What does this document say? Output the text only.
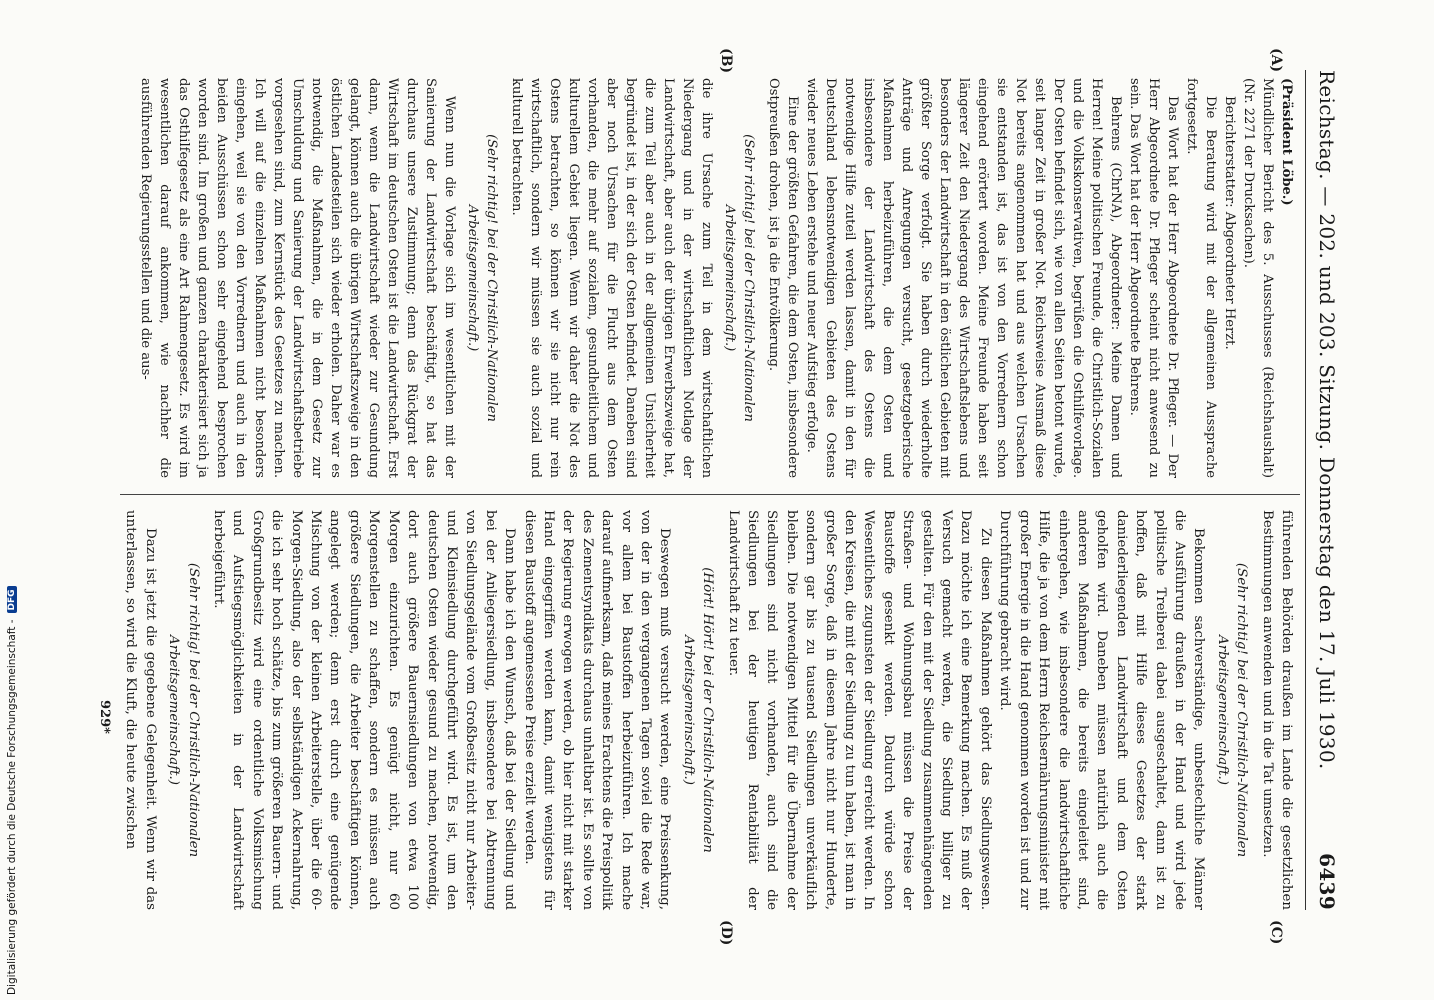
Reichstag. — 202. und 203. Sitzung. Donnerstag den 17. Juli 1930.
6439
(A)
(B)
(C)
(D)

(Präsident Löbe.)

Mündlicher Bericht des 5. Ausschusses (Reichshaushalt) (Nr. 2271 der Drucksachen).

Berichterstatter: Abgeordneter Herzt.

Die Beratung wird mit der allgemeinen Aussprache fortgesetzt.

Das Wort hat der Herr Abgeordnete Dr. Pfleger. — Der Herr Abgeordnete Dr. Pfleger scheint nicht anwesend zu sein. Das Wort hat der Herr Abgeordnete Behrens.

Behrens (ChrNA), Abgeordneter: Meine Damen und Herren! Meine politischen Freunde, die Christlich-Sozialen und die Volkskonservativen, begrüßen die Osthilfevorlage. Der Osten befindet sich, wie von allen Seiten betont wurde, seit langer Zeit in großer Not. Reichsweise Ausmaß diese Not bereits angenommen hat und aus welchen Ursachen sie entstanden ist, das ist von den Vorrednern schon eingehend erörtert worden. Meine Freunde haben seit längerer Zeit den Niedergang des Wirtschaftslebens und besonders der Landwirtschaft in den östlichen Gebieten mit größter Sorge verfolgt. Sie haben durch wiederholte Anträge und Anregungen versucht, gesetzgeberische Maßnahmen herbeizuführen, die dem Osten und insbesondere der Landwirtschaft des Ostens die notwendige Hilfe zuteil werden lassen, damit in den für Deutschland lebensnotwendigen Gebieten des Ostens wieder neues Leben erstehe und neuer Aufstieg erfolge.

Eine der größten Gefahren, die dem Osten, insbesondere Ostpreußen drohen, ist ja die Entvölkerung.

(Sehr richtig! bei der Christlich-Nationalen Arbeitsgemeinschaft.)

die ihre Ursache zum Teil in dem wirtschaftlichen Niedergang und in der wirtschaftlichen Notlage der Landwirtschaft, aber auch der übrigen Erwerbszweige hat, die zum Teil aber auch in der allgemeinen Unsicherheit begründet ist, in der sich der Osten befindet. Daneben sind aber noch Ursachen für die Flucht aus dem Osten vorhanden, die mehr auf sozialem, gesundheitlichem und kulturellem Gebiet liegen. Wenn wir daher die Not des Ostens betrachten, so können wir sie nicht nur rein wirtschaftlich, sondern wir müssen sie auch sozial und kulturell betrachten.

(Sehr richtig! bei der Christlich-Nationalen Arbeitsgemeinschaft.)

Wenn nun die Vorlage sich im wesentlichen mit der Sanierung der Landwirtschaft beschäftigt, so hat das durchaus unsere Zustimmung; denn das Rückgrat der Wirtschaft im deutschen Osten ist die Landwirtschaft. Erst dann, wenn die Landwirtschaft wieder zur Gesundung gelangt, können auch die übrigen Wirtschaftszweige in den östlichen Landesteilen sich wieder erholen. Daher war es notwendig, die Maßnahmen, die in dem Gesetz zur Umschuldung und Sanierung der Landwirtschaftsbetriebe vorgesehen sind, zum Kernstück des Gesetzes zu machen. Ich will auf die einzelnen Maßnahmen nicht besonders eingehen, weil sie von den Vorrednern und auch in den beiden Ausschüssen schon sehr eingehend besprochen worden sind. Im großen und ganzen charakterisiert sich ja das Osthilfegesetz als eine Art Rahmengesetz. Es wird im wesentlichen darauf ankommen, wie nachher die ausführenden Regierungsstellen und die aus-

führenden Behörden draußen im Lande die gesetzlichen Bestimmungen anwenden und in die Tat umsetzen.

(Sehr richtig! bei der Christlich-Nationalen Arbeitsgemeinschaft.)

Bekommen sachverständige, unbestechliche Männer die Ausführung draußen in der Hand und wird jede politische Treiberei dabei ausgeschaltet, dann ist zu hoffen, daß mit Hilfe dieses Gesetzes der stark daniederliegenden Landwirtschaft und dem Osten geholfen wird. Daneben müssen natürlich auch die anderen Maßnahmen, die bereits eingeleitet sind, einhergehen, wie insbesondere die landwirtschaftliche Hilfe, die ja von dem Herrn Reichsernährungsminister mit großer Energie in die Hand genommen worden ist und zur Durchführung gebracht wird.

Zu diesen Maßnahmen gehört das Siedlungswesen. Dazu möchte ich eine Bemerkung machen. Es muß der Versuch gemacht werden, die Siedlung billiger zu gestalten. Für den mit der Siedlung zusammenhängenden Straßen- und Wohnungsbau müssen die Preise der Baustoffe gesenkt werden. Dadurch würde schon Wesentliches zugunsten der Siedlung erreicht werden. In den Kreisen, die mit der Siedlung zu tun haben, ist man in großer Sorge, daß in diesem Jahre nicht nur Hunderte, sondern gar bis zu tausend Siedlungen unverkäuflich bleiben. Die notwendigen Mittel für die Übernahme der Siedlungen sind nicht vorhanden, auch sind die Siedlungen bei der heutigen Rentabilität der Landwirtschaft zu teuer.

(Hört! Hört! bei der Christlich-Nationalen Arbeitsgemeinschaft.)

Deswegen muß versucht werden, eine Preissenkung, von der in den vergangenen Tagen soviel die Rede war, vor allem bei Baustoffen herbeizuführen. Ich mache darauf aufmerksam, daß meines Erachtens die Preispolitik des Zementsyndikats durchaus unhaltbar ist. Es sollte von der Regierung erwogen werden, ob hier nicht mit starker Hand eingegriffen werden kann, damit wenigstens für diesen Baustoff angemessene Preise erzielt werden.

Dann habe ich den Wunsch, daß bei der Siedlung und bei der Anliegersiedlung, insbesondere bei Abtrennung von Siedlungsgelände vom Großbesitz nicht nur Arbeiter- und Kleinsiedlung durchgeführt wird. Es ist, um den deutschen Osten wieder gesund zu machen, notwendig, dort auch größere Bauernsiedlungen von etwa 100 Morgen einzurichten. Es genügt nicht, nur 60 Morgenstellen zu schaffen, sondern es müssen auch größere Siedlungen, die Arbeiter beschäftigen können, angelegt werden; denn erst durch eine genügende Mischung von der kleinen Arbeiterstelle, über die 60-Morgen-Siedlung, also der selbständigen Ackernahrung, die ich sehr hoch schätze, bis zum größeren Bauern- und Großgrundbesitz wird eine ordentliche Volksmischung und Aufstiegsmöglichkeiten in der Landwirtschaft herbeigeführt.

(Sehr richtig! bei der Christlich-Nationalen Arbeitsgemeinschaft.)

Dazu ist jetzt die gegebene Gelegenheit. Wenn wir das unterlassen, so wird die Kluft, die heute zwischen

929*
Digitalisierung gefördert durch die Deutsche Forschungsgemeinschaft -
DFG
